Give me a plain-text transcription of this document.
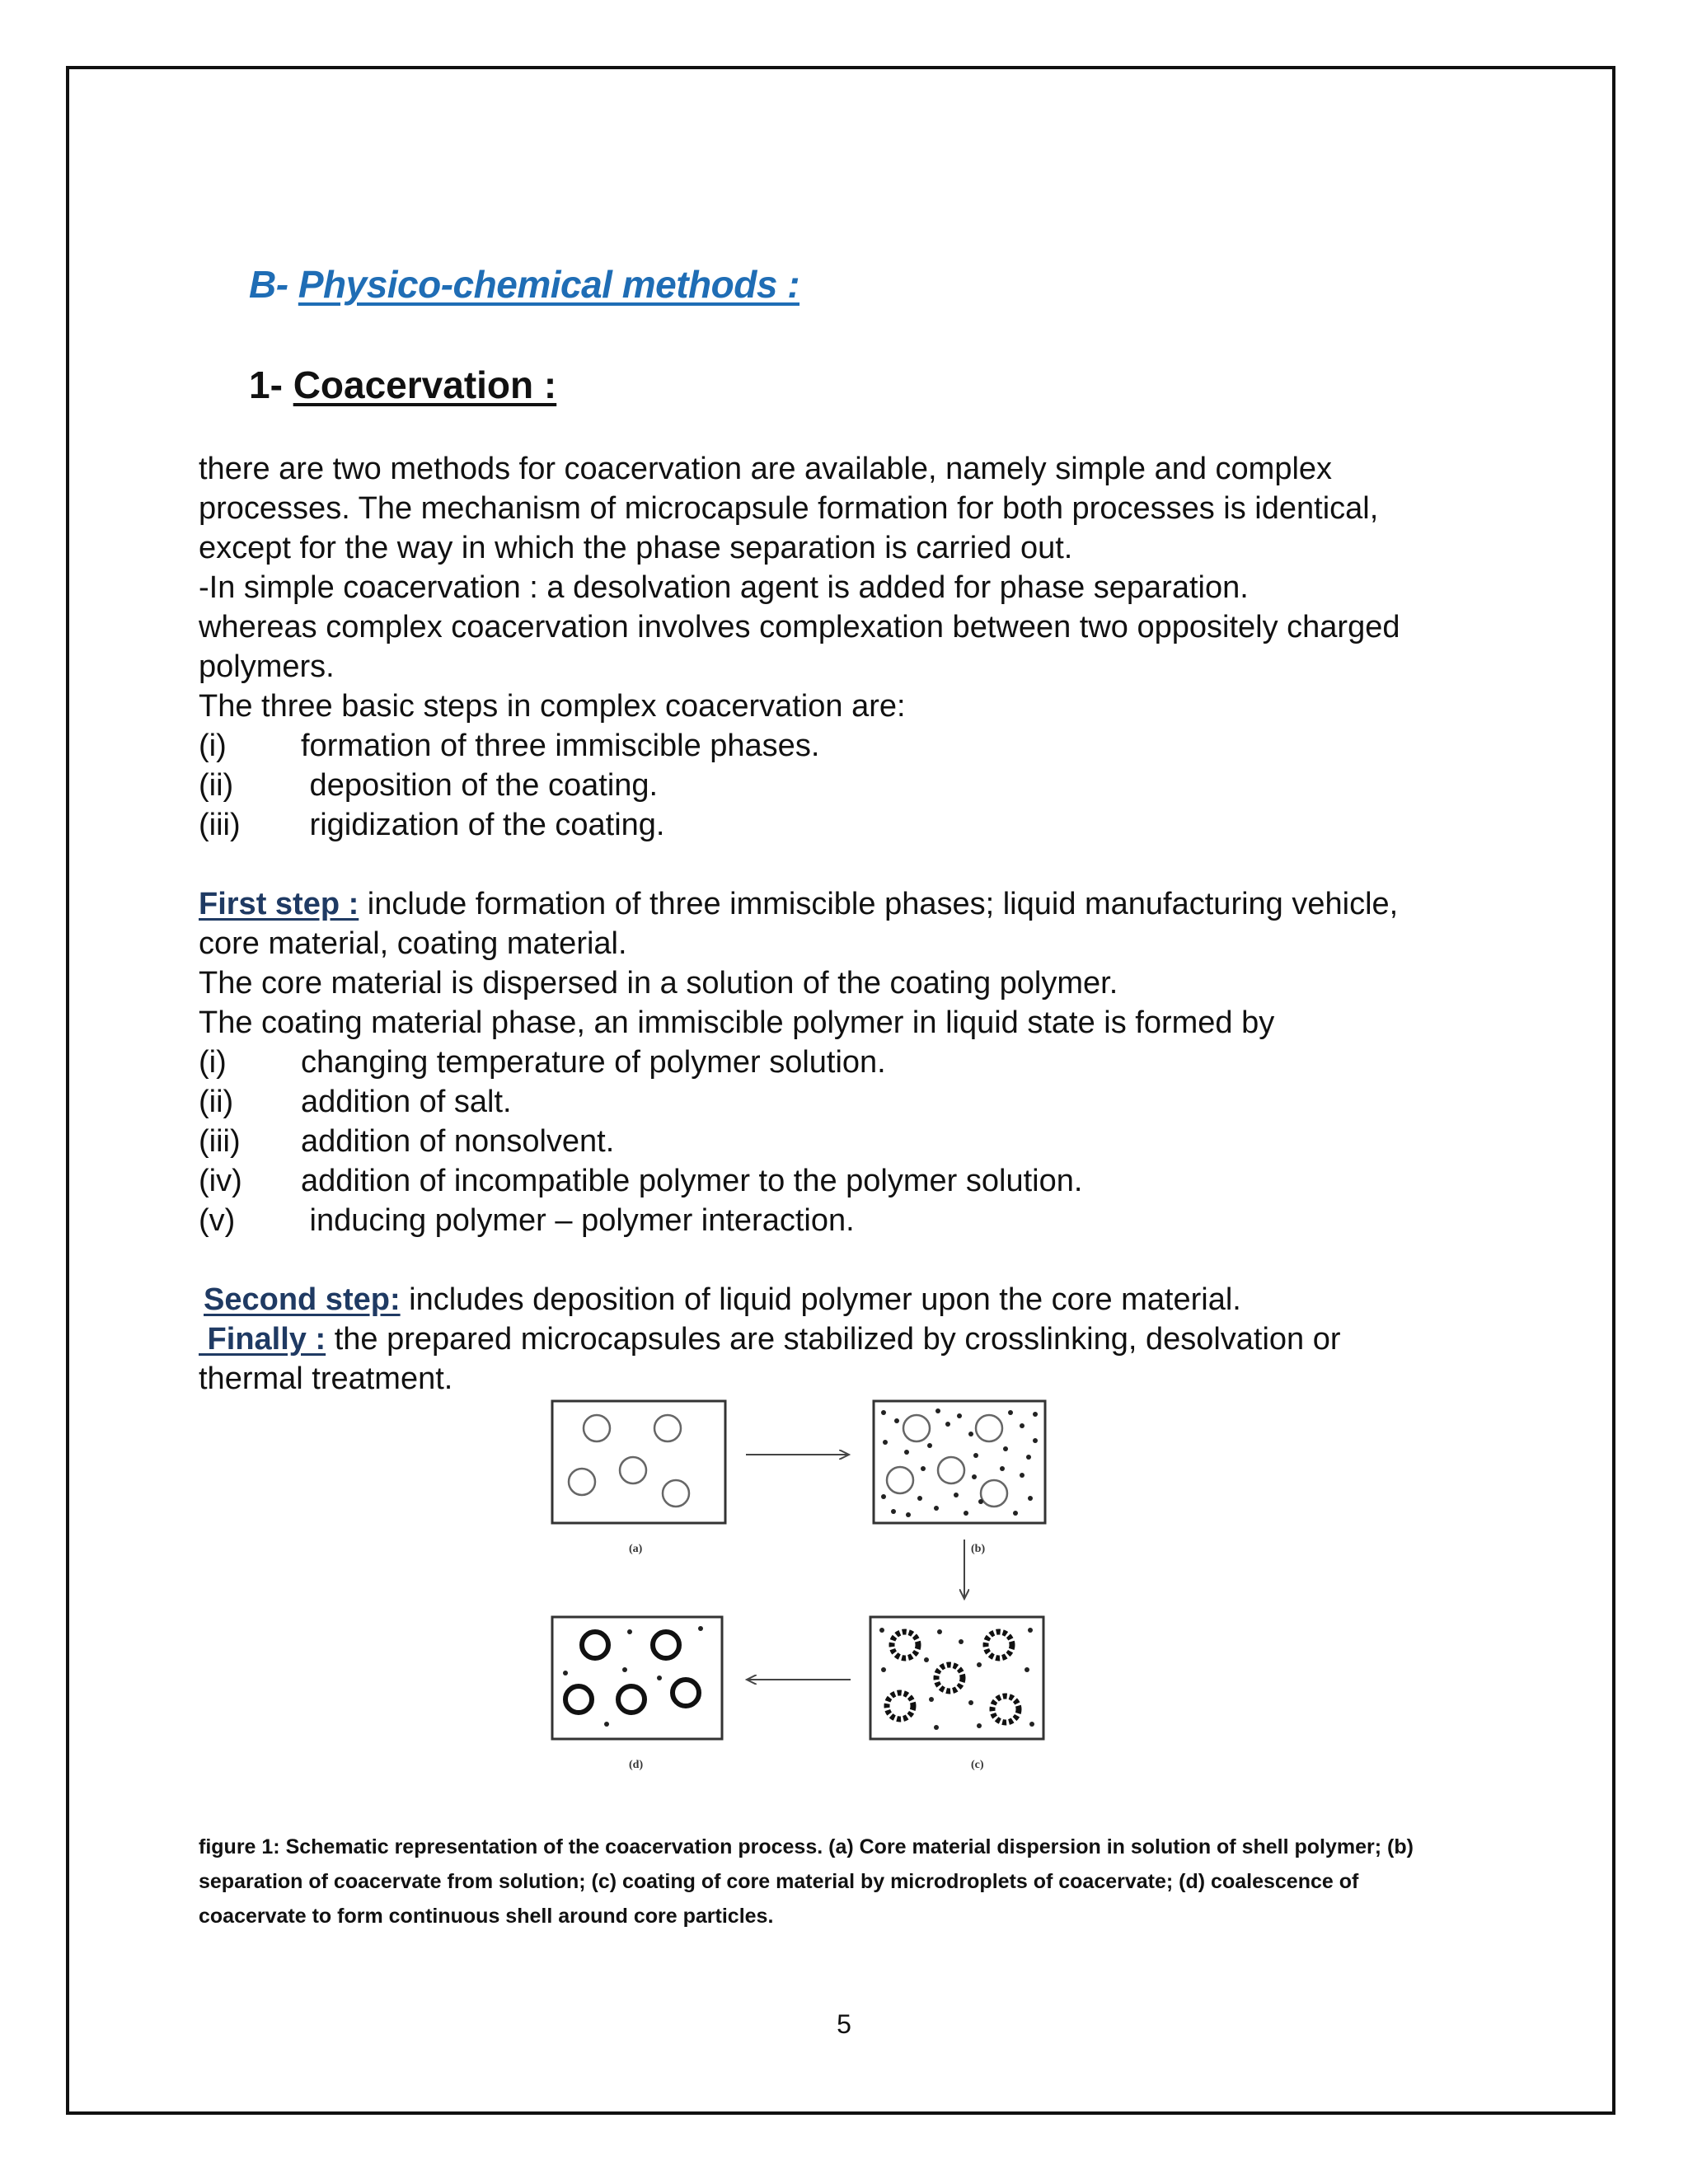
B- Physico-chemical methods :
1- Coacervation :
there are two methods for coacervation are available, namely simple and complex
processes. The mechanism of microcapsule formation for both processes is identical,
except for the way in which the phase separation is carried out.
-In simple coacervation : a desolvation agent is added for phase separation.
whereas complex coacervation involves complexation between two oppositely charged
polymers.
The three basic steps in complex coacervation are:
(i) formation of three immiscible phases.
(ii) deposition of the coating.
(iii) rigidization of the coating.
First step : include formation of three immiscible phases; liquid manufacturing vehicle,
core material, coating material.
The core material is dispersed in a solution of the coating polymer.
The coating material phase, an immiscible polymer in liquid state is formed by
(i) changing temperature of polymer solution.
(ii) addition of salt.
(iii) addition of nonsolvent.
(iv) addition of incompatible polymer to the polymer solution.
(v) inducing polymer – polymer interaction.
Second step: includes deposition of liquid polymer upon the core material.
Finally : the prepared microcapsules are stabilized by crosslinking, desolvation or
thermal treatment.
(a)	(b)
(d)	(c)
figure 1: Schematic representation of the coacervation process. (a) Core material dispersion in solution of shell polymer; (b)
separation of coacervate from solution; (c) coating of core material by microdroplets of coacervate; (d) coalescence of
coacervate to form continuous shell around core particles.
5
